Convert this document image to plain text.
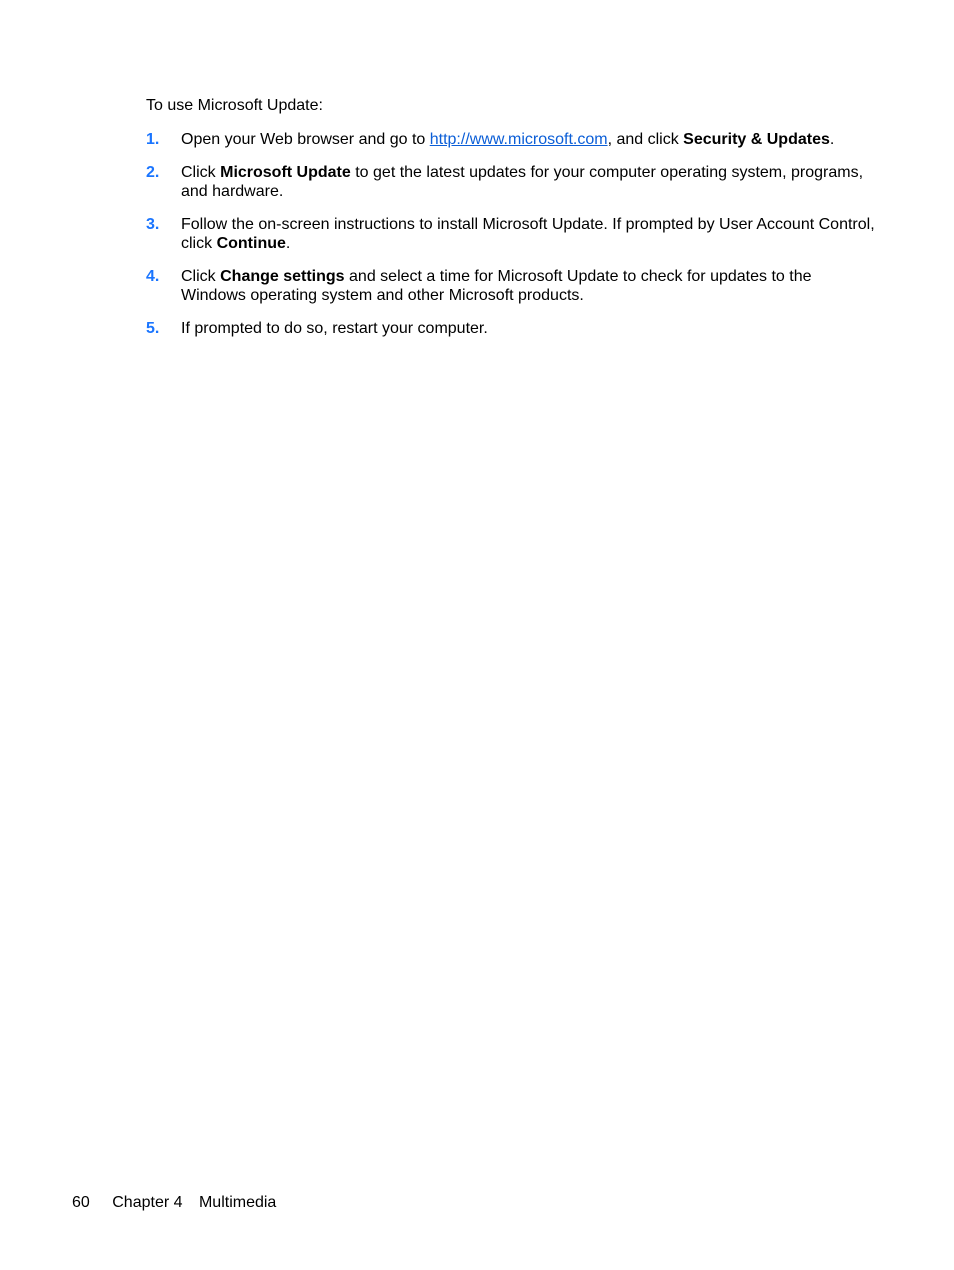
To use Microsoft Update:

1. Open your Web browser and go to http://www.microsoft.com, and click Security & Updates.
2. Click Microsoft Update to get the latest updates for your computer operating system, programs, and hardware.
3. Follow the on-screen instructions to install Microsoft Update. If prompted by User Account Control, click Continue.
4. Click Change settings and select a time for Microsoft Update to check for updates to the Windows operating system and other Microsoft products.
5. If prompted to do so, restart your computer.
60 Chapter 4 Multimedia
